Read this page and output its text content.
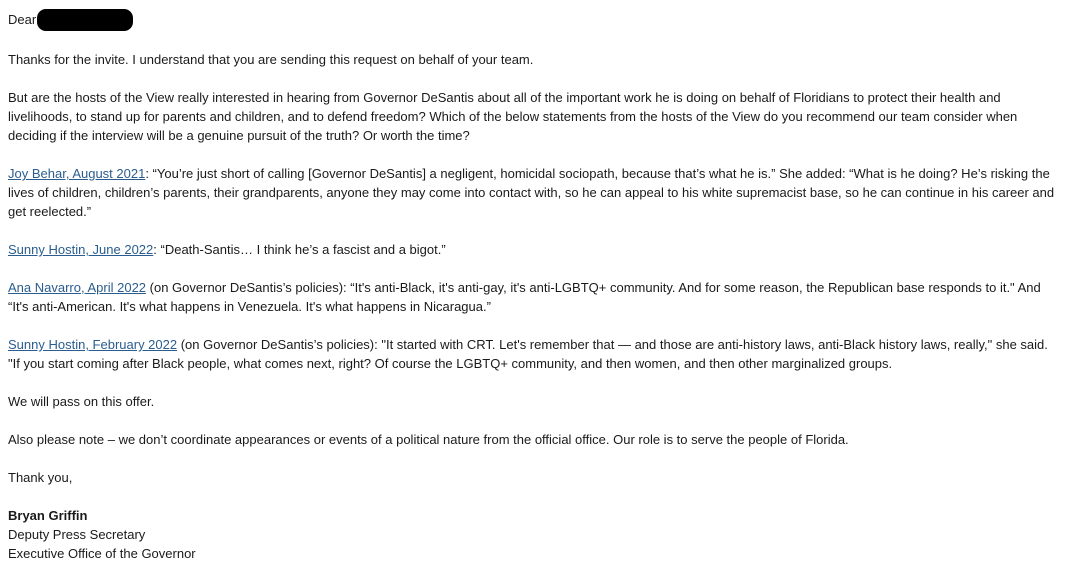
Dear
Thanks for the invite. I understand that you are sending this request on behalf of your team.
But are the hosts of the View really interested in hearing from Governor DeSantis about all of the important work he is doing on behalf of Floridians to protect their health and
livelihoods, to stand up for parents and children, and to defend freedom? Which of the below statements from the hosts of the View do you recommend our team consider when
deciding if the interview will be a genuine pursuit of the truth? Or worth the time?
Joy Behar, August 2021: “You’re just short of calling [Governor DeSantis] a negligent, homicidal sociopath, because that’s what he is.” She added: “What is he doing? He’s risking the
lives of children, children’s parents, their grandparents, anyone they may come into contact with, so he can appeal to his white supremacist base, so he can continue in his career and
get reelected.”
Sunny Hostin, June 2022: “Death-Santis… I think he’s a fascist and a bigot.”
Ana Navarro, April 2022 (on Governor DeSantis’s policies): “It's anti-Black, it's anti-gay, it's anti-LGBTQ+ community. And for some reason, the Republican base responds to it." And
“It's anti-American. It's what happens in Venezuela. It's what happens in Nicaragua.”
Sunny Hostin, February 2022 (on Governor DeSantis’s policies): "It started with CRT. Let's remember that — and those are anti-history laws, anti-Black history laws, really," she said.
"If you start coming after Black people, what comes next, right? Of course the LGBTQ+ community, and then women, and then other marginalized groups.
We will pass on this offer.
Also please note – we don’t coordinate appearances or events of a political nature from the official office. Our role is to serve the people of Florida.
Thank you,
Bryan Griffin
Deputy Press Secretary
Executive Office of the Governor
